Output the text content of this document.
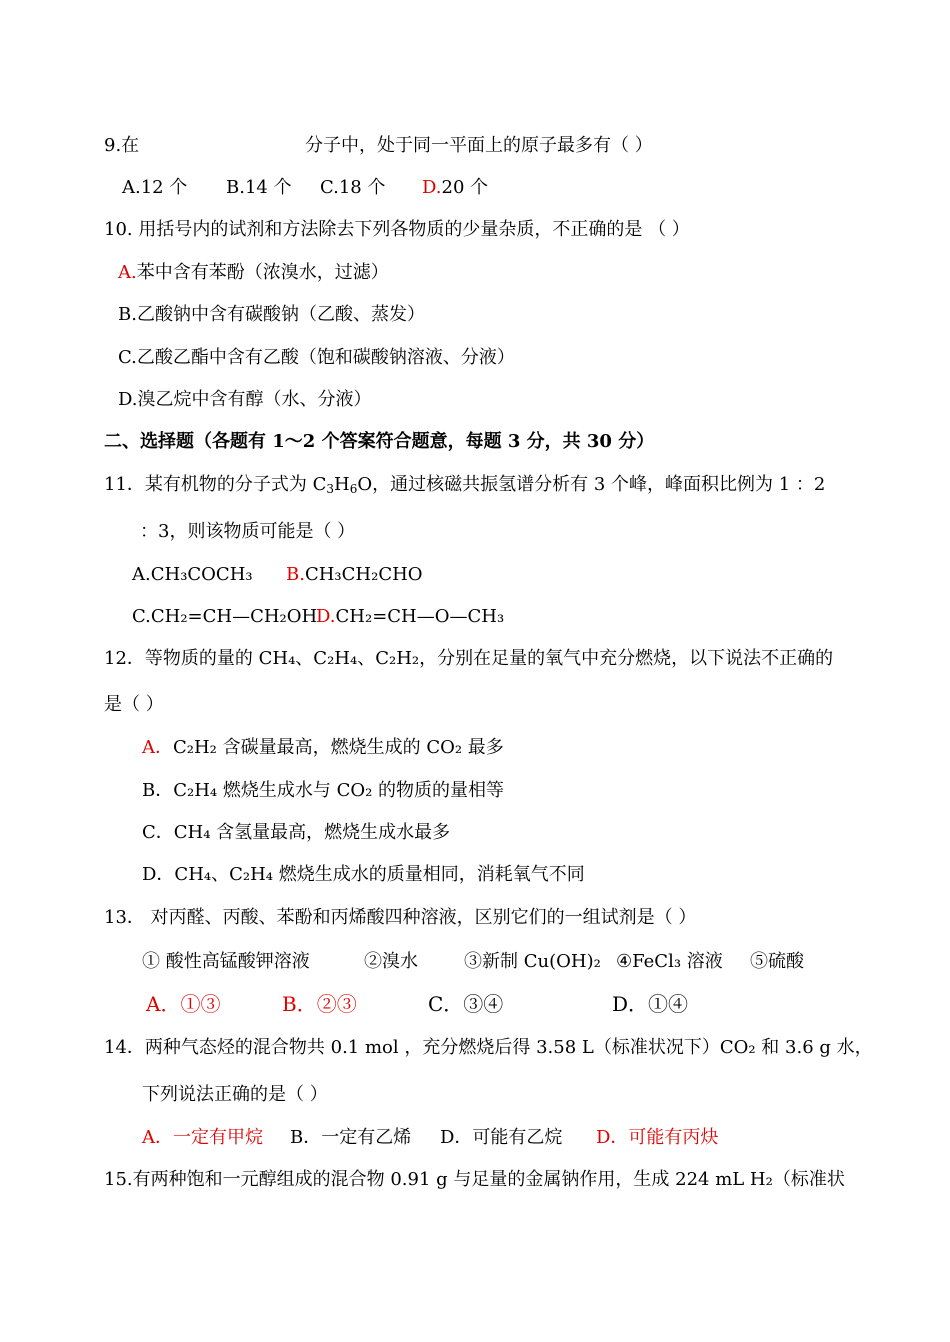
9.在	分子中，处于同一平面上的原子最多有（ ）
A.12 个 B.14 个 C.18 个 D.20 个
10. 用括号内的试剂和方法除去下列各物质的少量杂质，不正确的是 （ ）
A.苯中含有苯酚（浓溴水，过滤）
B.乙酸钠中含有碳酸钠（乙酸、蒸发）
C.乙酸乙酯中含有乙酸（饱和碳酸钠溶液、分液）
D.溴乙烷中含有醇（水、分液）
二、选择题（各题有 1～2 个答案符合题意，每题 3 分，共 30 分）
11．某有机物的分子式为 $C_3H_6O$，通过核磁共振氢谱分析有 3 个峰，峰面积比例为 1 ：2
：3，则该物质可能是（ ）
A.CH₃COCH₃ B.CH₃CH₂CHO
C.CH₂=CH—CH₂OHD.CH₂=CH—O—CH₃
12．等物质的量的 CH₄、C₂H₄、C₂H₂，分别在足量的氧气中充分燃烧，以下说法不正确的
是（ ）
A．C₂H₂ 含碳量最高，燃烧生成的 CO₂ 最多
B．C₂H₄ 燃烧生成水与 CO₂ 的物质的量相等
C．CH₄ 含氢量最高，燃烧生成水最多
D．CH₄、C₂H₄ 燃烧生成水的质量相同，消耗氧气不同
13． 对丙醛、丙酸、苯酚和丙烯酸四种溶液，区别它们的一组试剂是（ ）
① 酸性高锰酸钾溶液	②溴水	③新制 Cu(OH)₂ ④FeCl₃ 溶液 ⑤硫酸
A．①③	B．②③	C．③④	D．①④
14．两种气态烃的混合物共 0.1 mol ，充分燃烧后得 3.58 L（标准状况下）CO₂ 和 3.6 g 水，
下列说法正确的是（ ）
A．一定有甲烷 B．一定有乙烯 D．可能有乙烷 D．可能有丙炔
15.有两种饱和一元醇组成的混合物 0.91 g 与足量的金属钠作用，生成 224 mL H₂（标准状
